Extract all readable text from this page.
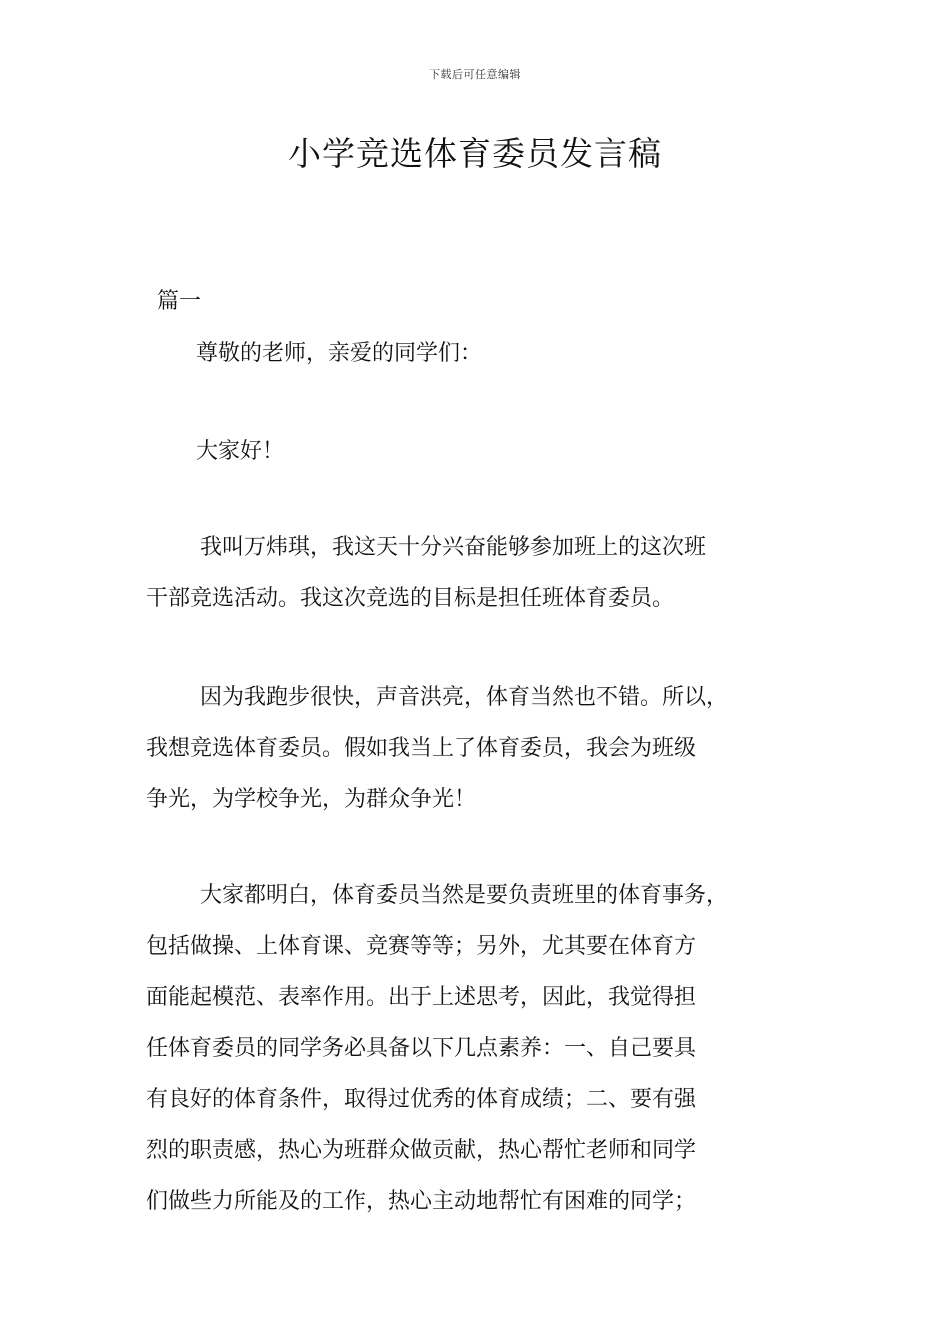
下载后可任意编辑
小学竞选体育委员发言稿
篇一
尊敬的老师，亲爱的同学们：
大家好！
我叫万炜琪，我这天十分兴奋能够参加班上的这次班
干部竞选活动。我这次竞选的目标是担任班体育委员。
因为我跑步很快，声音洪亮，体育当然也不错。所以，
我想竞选体育委员。假如我当上了体育委员，我会为班级
争光，为学校争光，为群众争光！
大家都明白，体育委员当然是要负责班里的体育事务，
包括做操、上体育课、竞赛等等；另外，尤其要在体育方
面能起模范、表率作用。出于上述思考，因此，我觉得担
任体育委员的同学务必具备以下几点素养：一、自己要具
有良好的体育条件，取得过优秀的体育成绩；二、要有强
烈的职责感，热心为班群众做贡献，热心帮忙老师和同学
们做些力所能及的工作，热心主动地帮忙有困难的同学；
